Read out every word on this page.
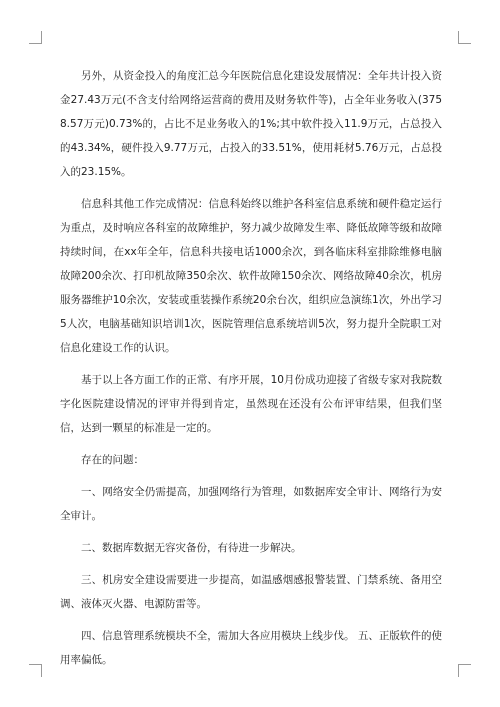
另外，从资金投入的角度汇总今年医院信息化建设发展情况：全年共计投入资金27.43万元(不含支付给网络运营商的费用及财务软件等)，占全年业务收入(3758.57万元)0.73%的，占比不足业务收入的1%;其中软件投入11.9万元，占总投入的43.34%，硬件投入9.77万元，占投入的33.51%，使用耗材5.76万元，占总投入的23.15%。

信息科其他工作完成情况：信息科始终以维护各科室信息系统和硬件稳定运行为重点，及时响应各科室的故障维护，努力减少故障发生率、降低故障等级和故障持续时间，在xx年全年，信息科共接电话1000余次，到各临床科室排除维修电脑故障200余次、打印机故障350余次、软件故障150余次、网络故障40余次，机房服务器维护10余次，安装或重装操作系统20余台次，组织应急演练1次，外出学习5人次，电脑基础知识培训1次，医院管理信息系统培训5次，努力提升全院职工对信息化建设工作的认识。

基于以上各方面工作的正常、有序开展，10月份成功迎接了省级专家对我院数字化医院建设情况的评审并得到肯定，虽然现在还没有公布评审结果，但我们坚信，达到一颗星的标准是一定的。

存在的问题：

一、网络安全仍需提高，加强网络行为管理，如数据库安全审计、网络行为安全审计。

二、数据库数据无容灾备份，有待进一步解决。

三、机房安全建设需要进一步提高，如温感烟感报警装置、门禁系统、备用空调、液体灭火器、电源防雷等。

四、信息管理系统模块不全，需加大各应用模块上线步伐。 五、正版软件的使用率偏低。
